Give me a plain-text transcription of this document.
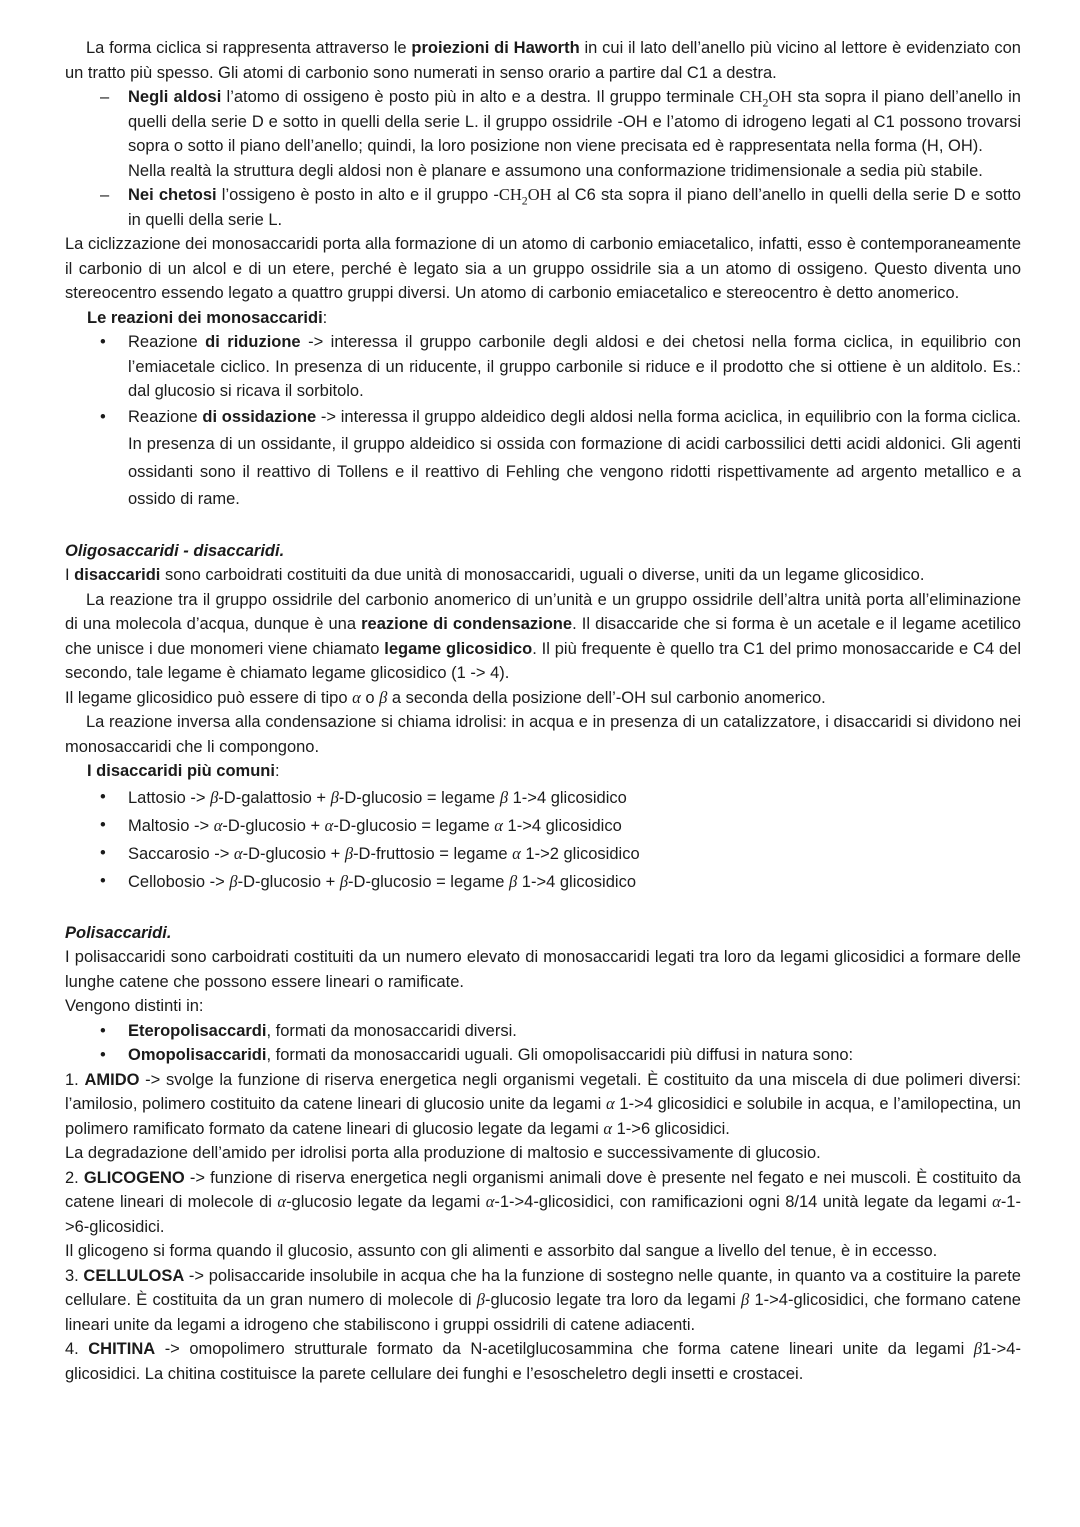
La forma ciclica si rappresenta attraverso le proiezioni di Haworth in cui il lato dell’anello più vicino al lettore è evidenziato con un tratto più spesso. Gli atomi di carbonio sono numerati in senso orario a partire dal C1 a destra.

– Negli aldosi l’atomo di ossigeno è posto più in alto e a destra. Il gruppo terminale $CH_2OH$ sta sopra il piano dell’anello in quelli della serie D e sotto in quelli della serie L. il gruppo ossidrile -OH e l’atomo di idrogeno legati al C1 possono trovarsi sopra o sotto il piano dell’anello; quindi, la loro posizione non viene precisata ed è rappresentata nella forma (H, OH).

Nella realtà la struttura degli aldosi non è planare e assumono una conformazione tridimensionale a sedia più stabile.

– Nei chetosi l’ossigeno è posto in alto e il gruppo $-CH_2OH$ al C6 sta sopra il piano dell’anello in quelli della serie D e sotto in quelli della serie L.

La ciclizzazione dei monosaccaridi porta alla formazione di un atomo di carbonio emiacetalico, infatti, esso è contemporaneamente il carbonio di un alcol e di un etere, perché è legato sia a un gruppo ossidrile sia a un atomo di ossigeno. Questo diventa uno stereocentro essendo legato a quattro gruppi diversi. Un atomo di carbonio emiacetalico e stereocentro è detto anomerico.

Le reazioni dei monosaccaridi:

• Reazione di riduzione -> interessa il gruppo carbonile degli aldosi e dei chetosi nella forma ciclica, in equilibrio con l’emiacetale ciclico. In presenza di un riducente, il gruppo carbonile si riduce e il prodotto che si ottiene è un alditolo. Es.: dal glucosio si ricava il sorbitolo.

• Reazione di ossidazione -> interessa il gruppo aldeidico degli aldosi nella forma aciclica, in equilibrio con la forma ciclica. In presenza di un ossidante, il gruppo aldeidico si ossida con formazione di acidi carbossilici detti acidi aldonici. Gli agenti ossidanti sono il reattivo di Tollens e il reattivo di Fehling che vengono ridotti rispettivamente ad argento metallico e a ossido di rame.

Oligosaccaridi - disaccaridi.

I disaccaridi sono carboidrati costituiti da due unità di monosaccaridi, uguali o diverse, uniti da un legame glicosidico.

La reazione tra il gruppo ossidrile del carbonio anomerico di un’unità e un gruppo ossidrile dell’altra unità porta all’eliminazione di una molecola d’acqua, dunque è una reazione di condensazione. Il disaccaride che si forma è un acetale e il legame acetilico che unisce i due monomeri viene chiamato legame glicosidico. Il più frequente è quello tra C1 del primo monosaccaride e C4 del secondo, tale legame è chiamato legame glicosidico (1 -> 4).

Il legame glicosidico può essere di tipo α o β a seconda della posizione dell’-OH sul carbonio anomerico.

La reazione inversa alla condensazione si chiama idrolisi: in acqua e in presenza di un catalizzatore, i disaccaridi si dividono nei monosaccaridi che li compongono.

I disaccaridi più comuni:

• Lattosio -> β-D-galattosio + β-D-glucosio = legame β 1->4 glicosidico

• Maltosio -> α-D-glucosio + α-D-glucosio = legame α 1->4 glicosidico

• Saccarosio -> α-D-glucosio + β-D-fruttosio = legame α 1->2 glicosidico

• Cellobosio -> β-D-glucosio + β-D-glucosio = legame β 1->4 glicosidico

Polisaccaridi.

I polisaccaridi sono carboidrati costituiti da un numero elevato di monosaccaridi legati tra loro da legami glicosidici a formare delle lunghe catene che possono essere lineari o ramificate.

Vengono distinti in:

• Eteropolisaccardi, formati da monosaccaridi diversi.

• Omopolisaccaridi, formati da monosaccaridi uguali. Gli omopolisaccaridi più diffusi in natura sono:

1. AMIDO -> svolge la funzione di riserva energetica negli organismi vegetali. È costituito da una miscela di due polimeri diversi: l’amilosio, polimero costituito da catene lineari di glucosio unite da legami α 1->4 glicosidici e solubile in acqua, e l’amilopectina, un polimero ramificato formato da catene lineari di glucosio legate da legami α 1->6 glicosidici.

La degradazione dell’amido per idrolisi porta alla produzione di maltosio e successivamente di glucosio.

2. GLICOGENO -> funzione di riserva energetica negli organismi animali dove è presente nel fegato e nei muscoli. È costituito da catene lineari di molecole di α-glucosio legate da legami α-1->4-glicosidici, con ramificazioni ogni 8/14 unità legate da legami α-1->6-glicosidici.

Il glicogeno si forma quando il glucosio, assunto con gli alimenti e assorbito dal sangue a livello del tenue, è in eccesso.

3. CELLULOSA -> polisaccaride insolubile in acqua che ha la funzione di sostegno nelle quante, in quanto va a costituire la parete cellulare. È costituita da un gran numero di molecole di β-glucosio legate tra loro da legami β 1->4-glicosidici, che formano catene lineari unite da legami a idrogeno che stabiliscono i gruppi ossidrili di catene adiacenti.

4. CHITINA -> omopolimero strutturale formato da N-acetilglucosammina che forma catene lineari unite da legami β1->4-glicosidici. La chitina costituisce la parete cellulare dei funghi e l’esoscheletro degli insetti e crostacei.
